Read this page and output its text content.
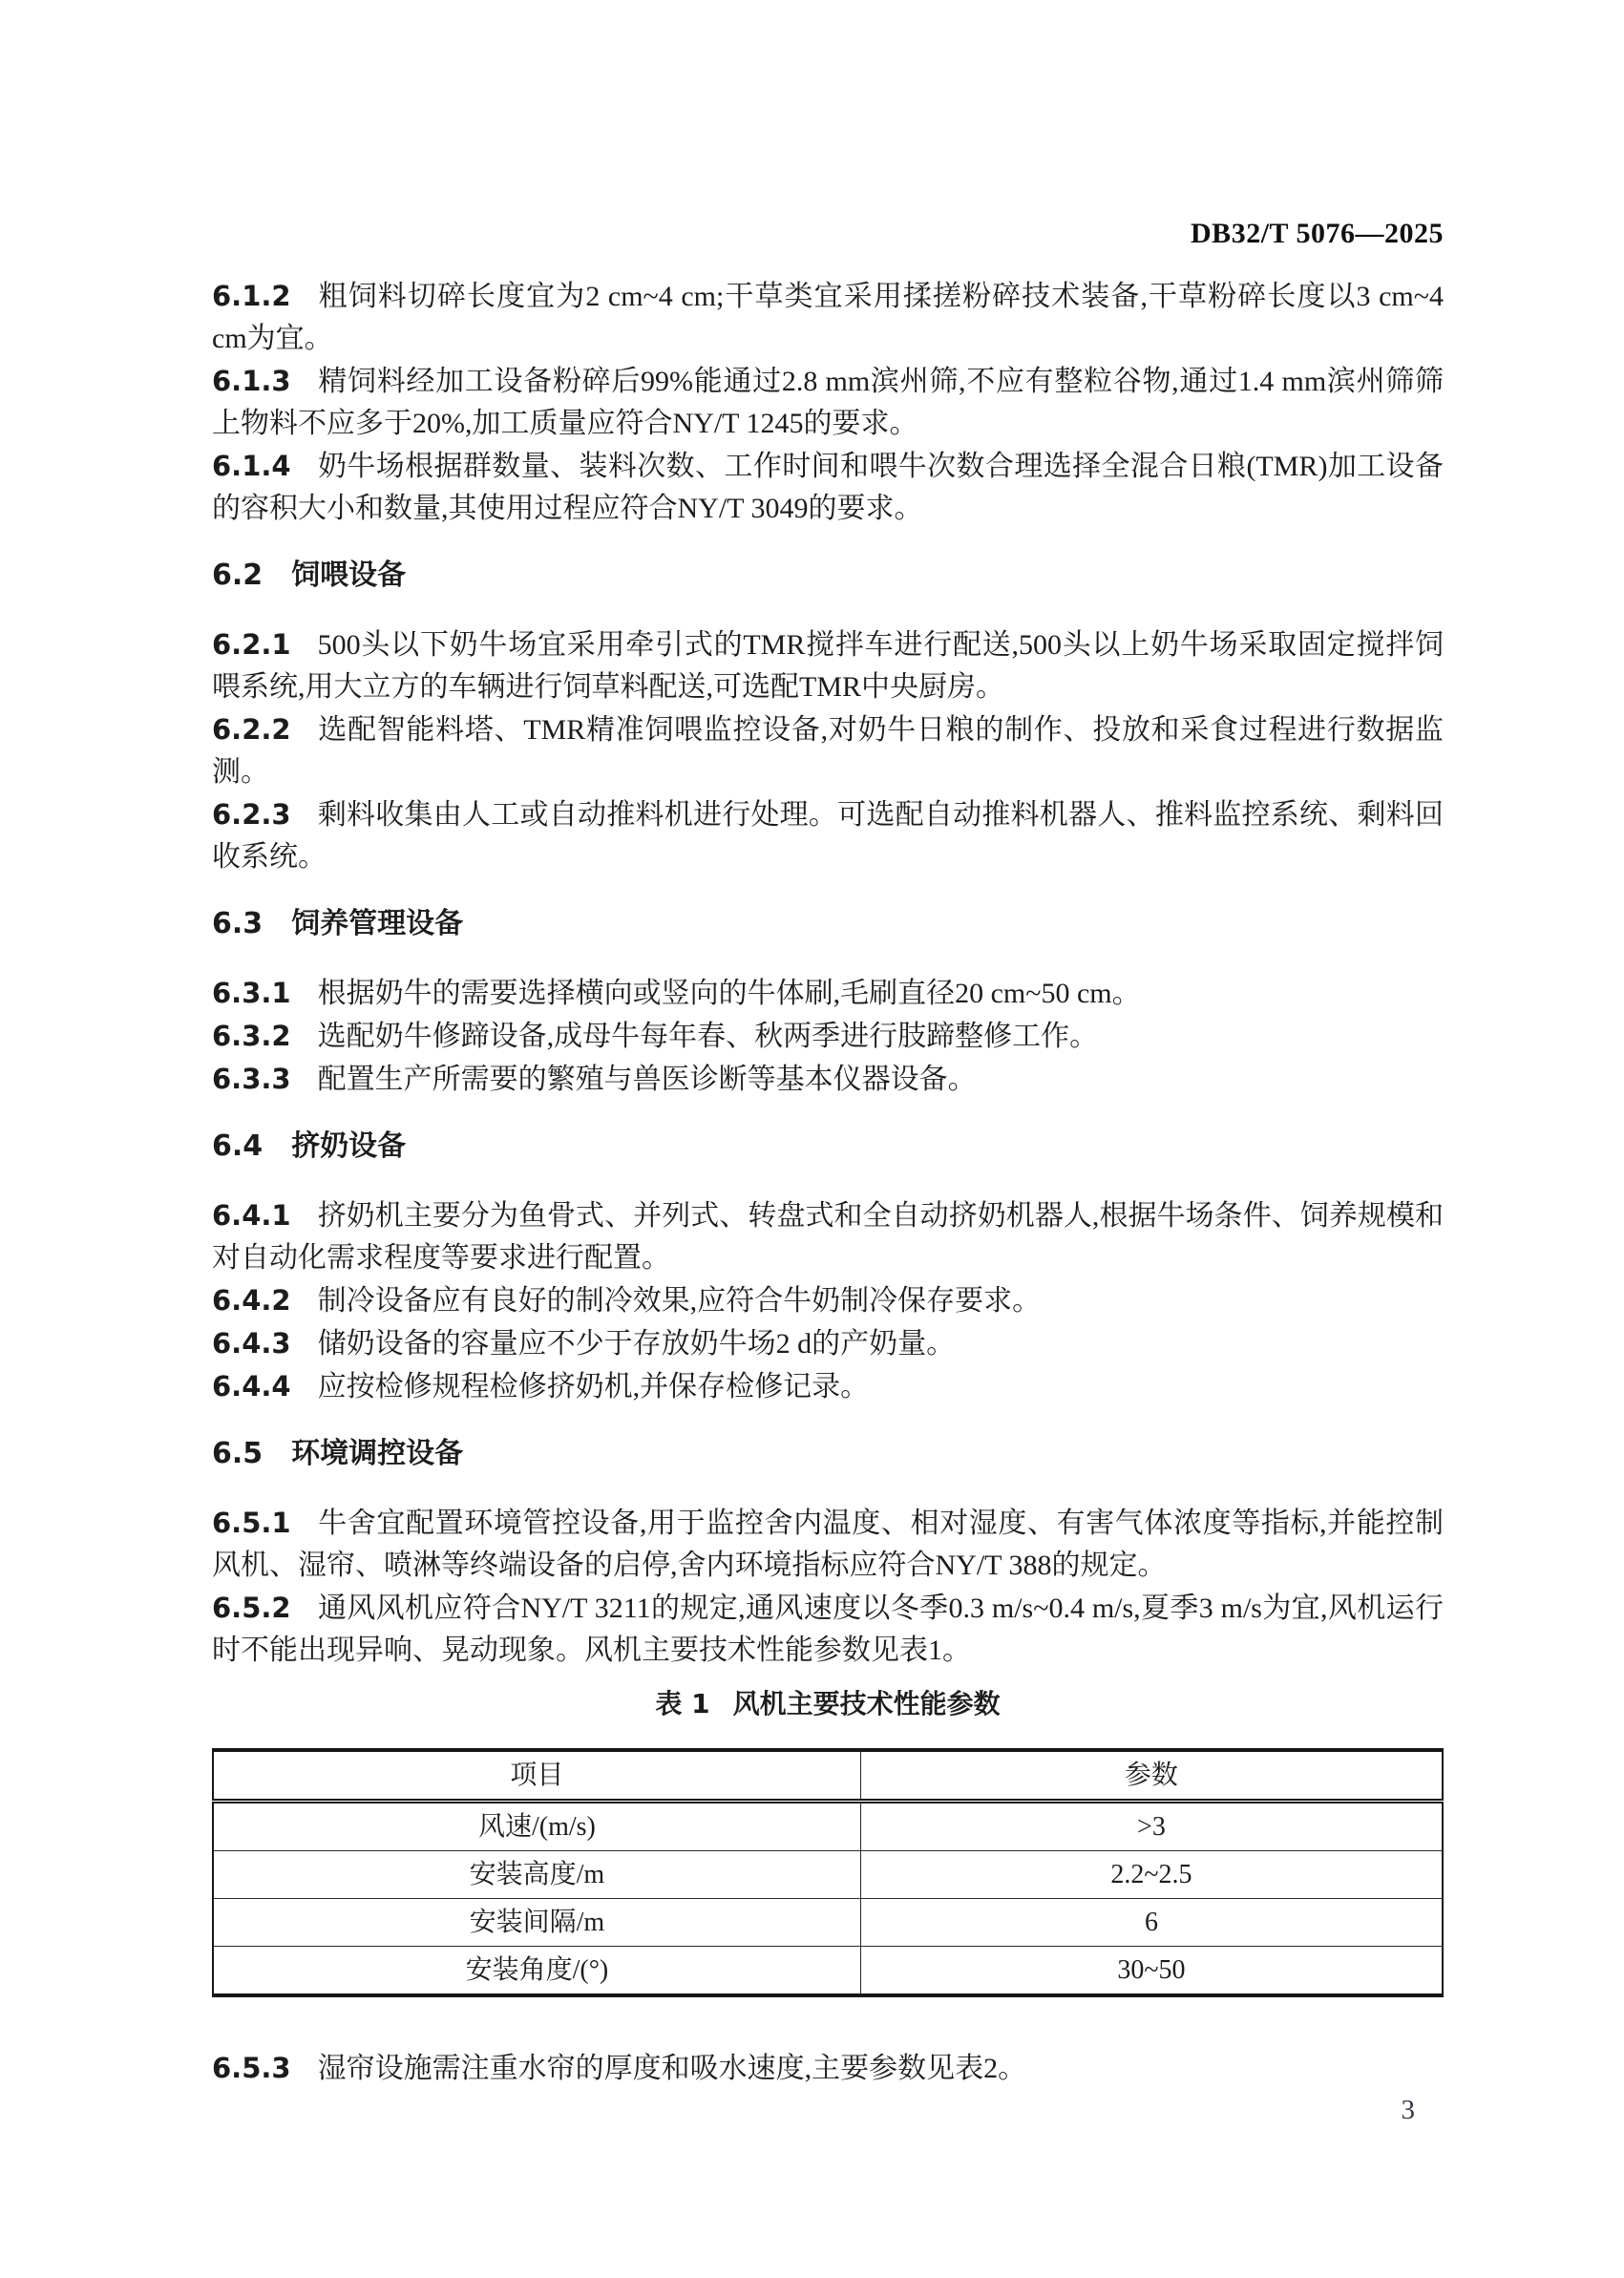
DB32/T 5076—2025

6.1.2 粗饲料切碎长度宜为2 cm~4 cm;干草类宜采用揉搓粉碎技术装备,干草粉碎长度以3 cm~4 cm为宜。

6.1.3 精饲料经加工设备粉碎后99%能通过2.8 mm滨州筛,不应有整粒谷物,通过1.4 mm滨州筛筛上物料不应多于20%,加工质量应符合NY/T 1245的要求。

6.1.4 奶牛场根据群数量、装料次数、工作时间和喂牛次数合理选择全混合日粮(TMR)加工设备的容积大小和数量,其使用过程应符合NY/T 3049的要求。

6.2 饲喂设备

6.2.1 500头以下奶牛场宜采用牵引式的TMR搅拌车进行配送,500头以上奶牛场采取固定搅拌饲喂系统,用大立方的车辆进行饲草料配送,可选配TMR中央厨房。

6.2.2 选配智能料塔、TMR精准饲喂监控设备,对奶牛日粮的制作、投放和采食过程进行数据监测。

6.2.3 剩料收集由人工或自动推料机进行处理。可选配自动推料机器人、推料监控系统、剩料回收系统。

6.3 饲养管理设备

6.3.1 根据奶牛的需要选择横向或竖向的牛体刷,毛刷直径20 cm~50 cm。

6.3.2 选配奶牛修蹄设备,成母牛每年春、秋两季进行肢蹄整修工作。

6.3.3 配置生产所需要的繁殖与兽医诊断等基本仪器设备。

6.4 挤奶设备

6.4.1 挤奶机主要分为鱼骨式、并列式、转盘式和全自动挤奶机器人,根据牛场条件、饲养规模和对自动化需求程度等要求进行配置。

6.4.2 制冷设备应有良好的制冷效果,应符合牛奶制冷保存要求。

6.4.3 储奶设备的容量应不少于存放奶牛场2 d的产奶量。

6.4.4 应按检修规程检修挤奶机,并保存检修记录。

6.5 环境调控设备

6.5.1 牛舍宜配置环境管控设备,用于监控舍内温度、相对湿度、有害气体浓度等指标,并能控制风机、湿帘、喷淋等终端设备的启停,舍内环境指标应符合NY/T 388的规定。

6.5.2 通风风机应符合NY/T 3211的规定,通风速度以冬季0.3 m/s~0.4 m/s,夏季3 m/s为宜,风机运行时不能出现异响、晃动现象。风机主要技术性能参数见表1。

表 1 风机主要技术性能参数
项目	参数
风速/(m/s)	>3
安装高度/m	2.2~2.5
安装间隔/m	6
安装角度/(°)	30~50

6.5.3 湿帘设施需注重水帘的厚度和吸水速度,主要参数见表2。

3
